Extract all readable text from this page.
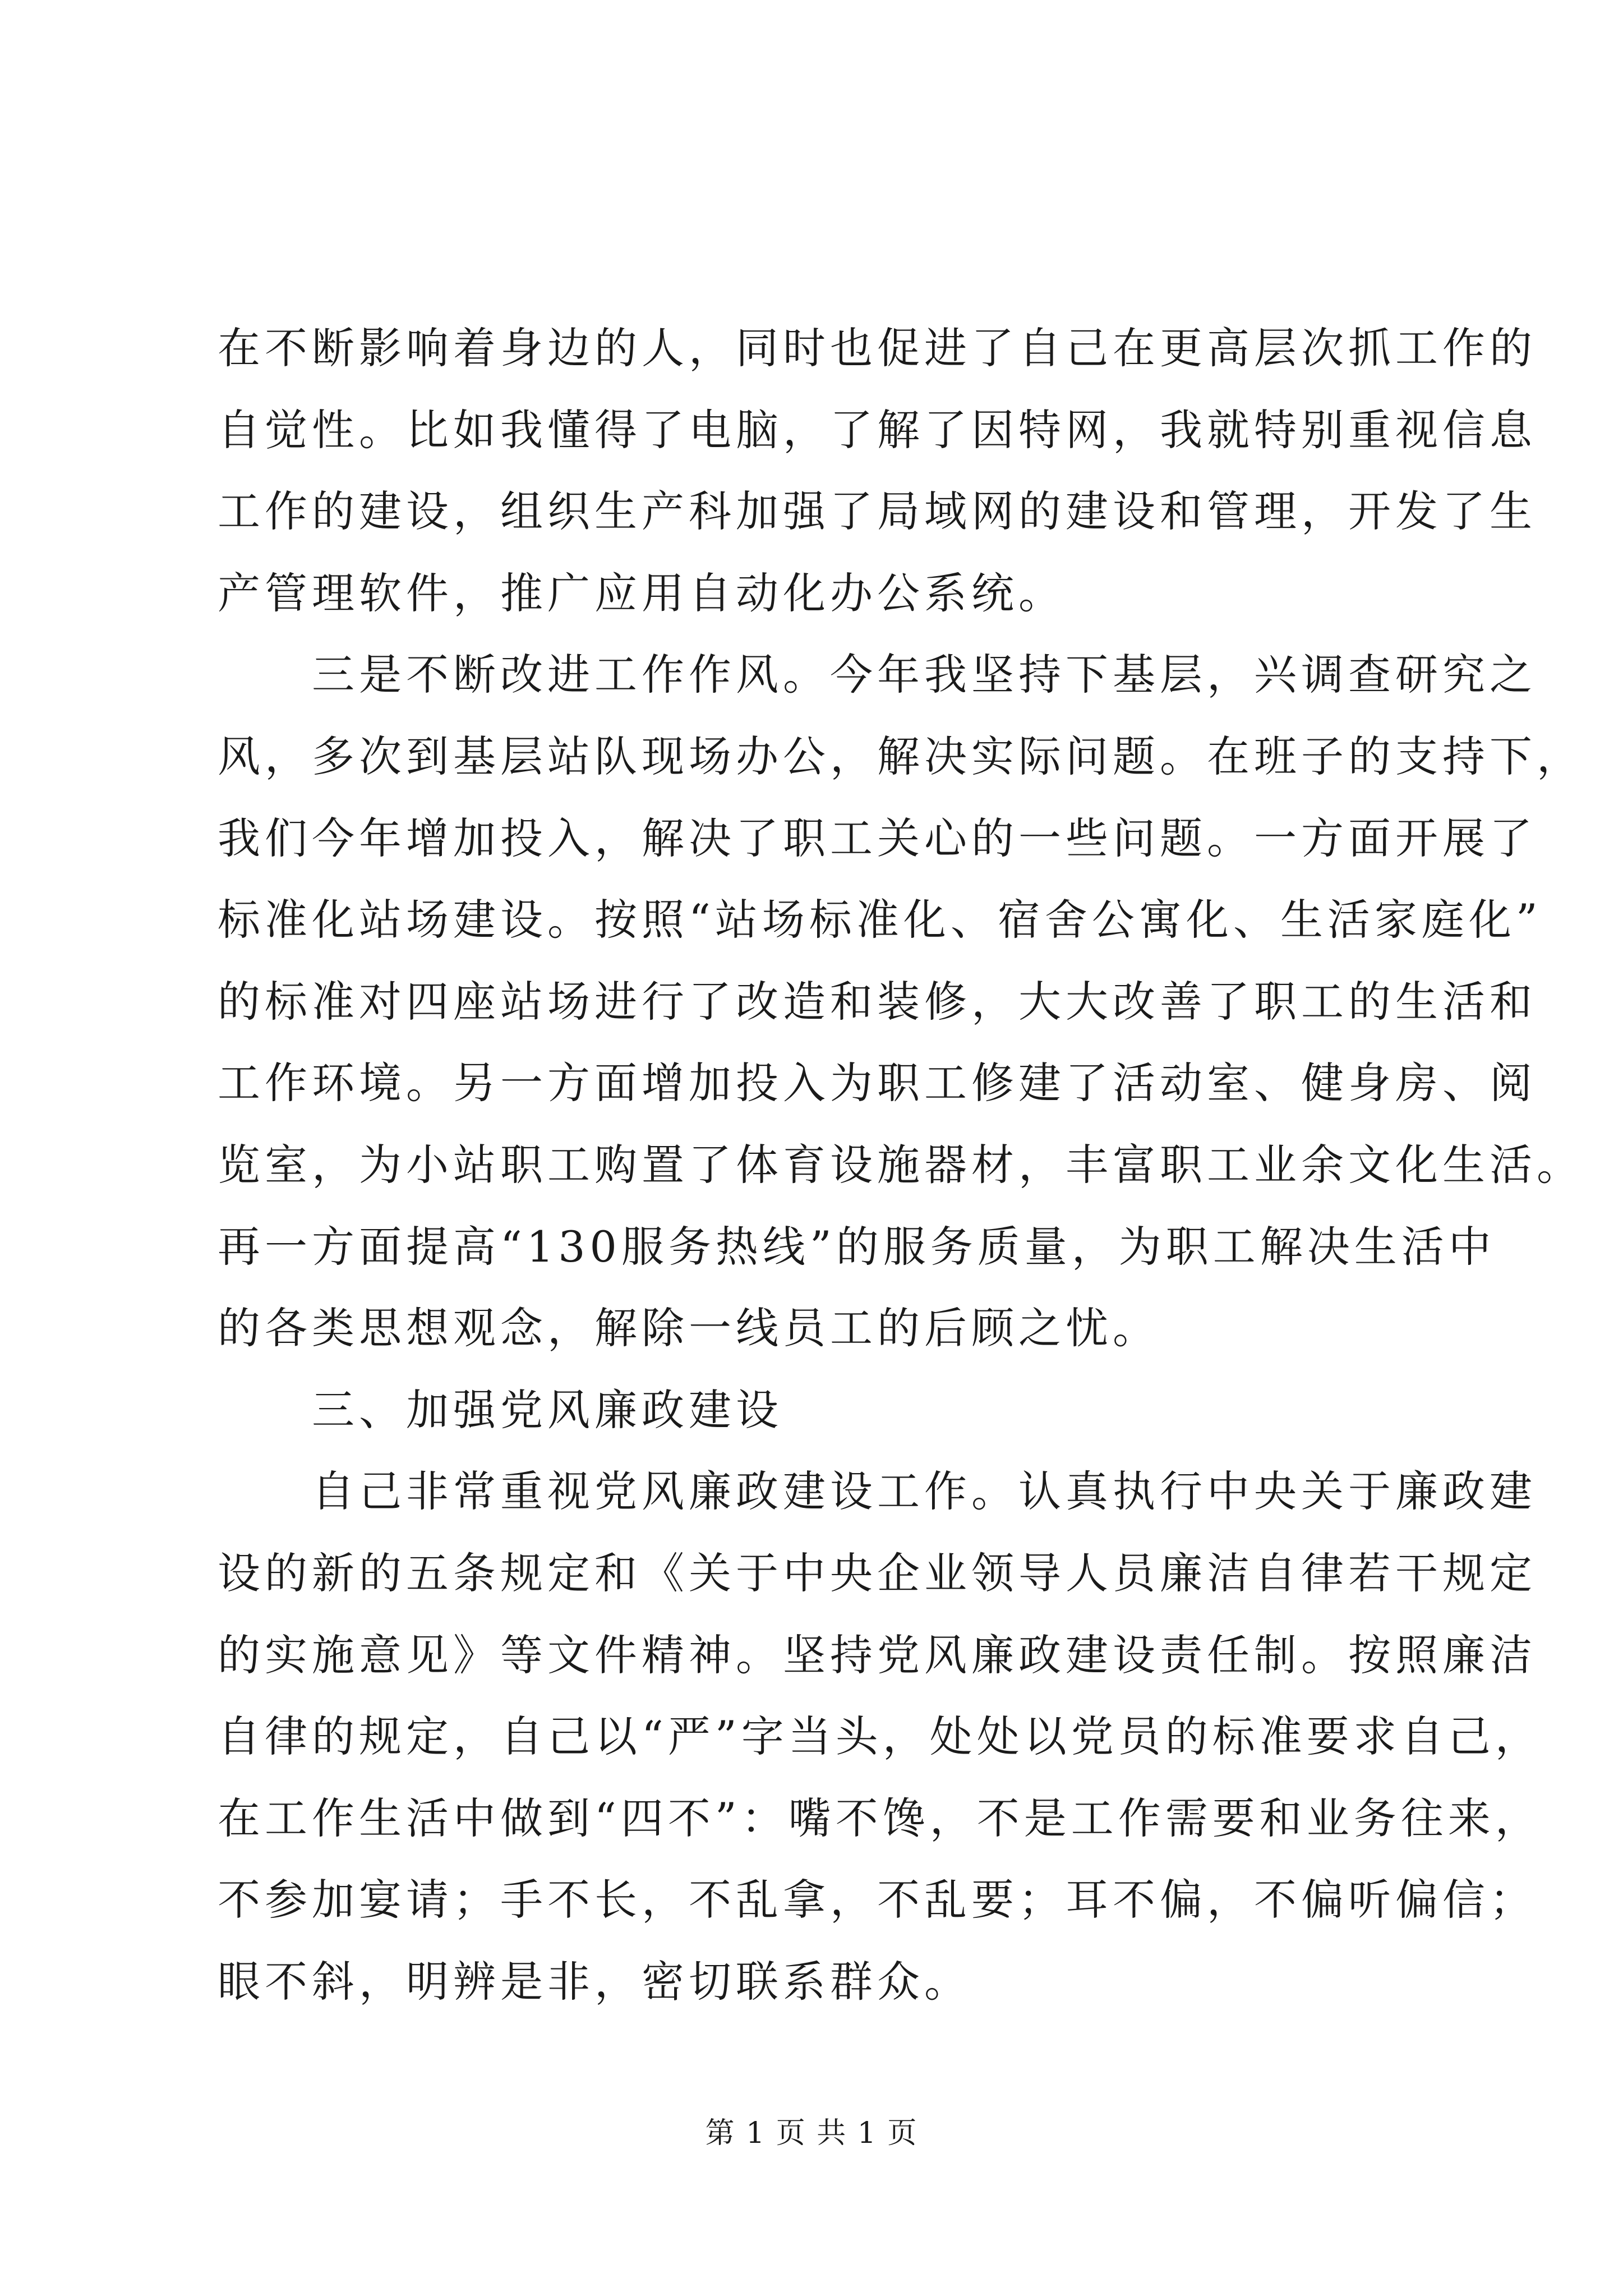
在不断影响着身边的人，同时也促进了自己在更高层次抓工作的
自觉性。比如我懂得了电脑，了解了因特网，我就特别重视信息
工作的建设，组织生产科加强了局域网的建设和管理，开发了生
产管理软件，推广应用自动化办公系统。
三是不断改进工作作风。今年我坚持下基层，兴调查研究之
风，多次到基层站队现场办公，解决实际问题。在班子的支持下，
我们今年增加投入，解决了职工关心的一些问题。一方面开展了
标准化站场建设。按照“站场标准化、宿舍公寓化、生活家庭化”
的标准对四座站场进行了改造和装修，大大改善了职工的生活和
工作环境。另一方面增加投入为职工修建了活动室、健身房、阅
览室，为小站职工购置了体育设施器材，丰富职工业余文化生活。
再一方面提高“130服务热线”的服务质量，为职工解决生活中
的各类思想观念，解除一线员工的后顾之忧。
三、加强党风廉政建设
自己非常重视党风廉政建设工作。认真执行中央关于廉政建
设的新的五条规定和《关于中央企业领导人员廉洁自律若干规定
的实施意见》等文件精神。坚持党风廉政建设责任制。按照廉洁
自律的规定，自己以“严”字当头，处处以党员的标准要求自己，
在工作生活中做到“四不”：嘴不馋，不是工作需要和业务往来，
不参加宴请；手不长，不乱拿，不乱要；耳不偏，不偏听偏信；
眼不斜，明辨是非，密切联系群众。
第 1 页 共 1 页
